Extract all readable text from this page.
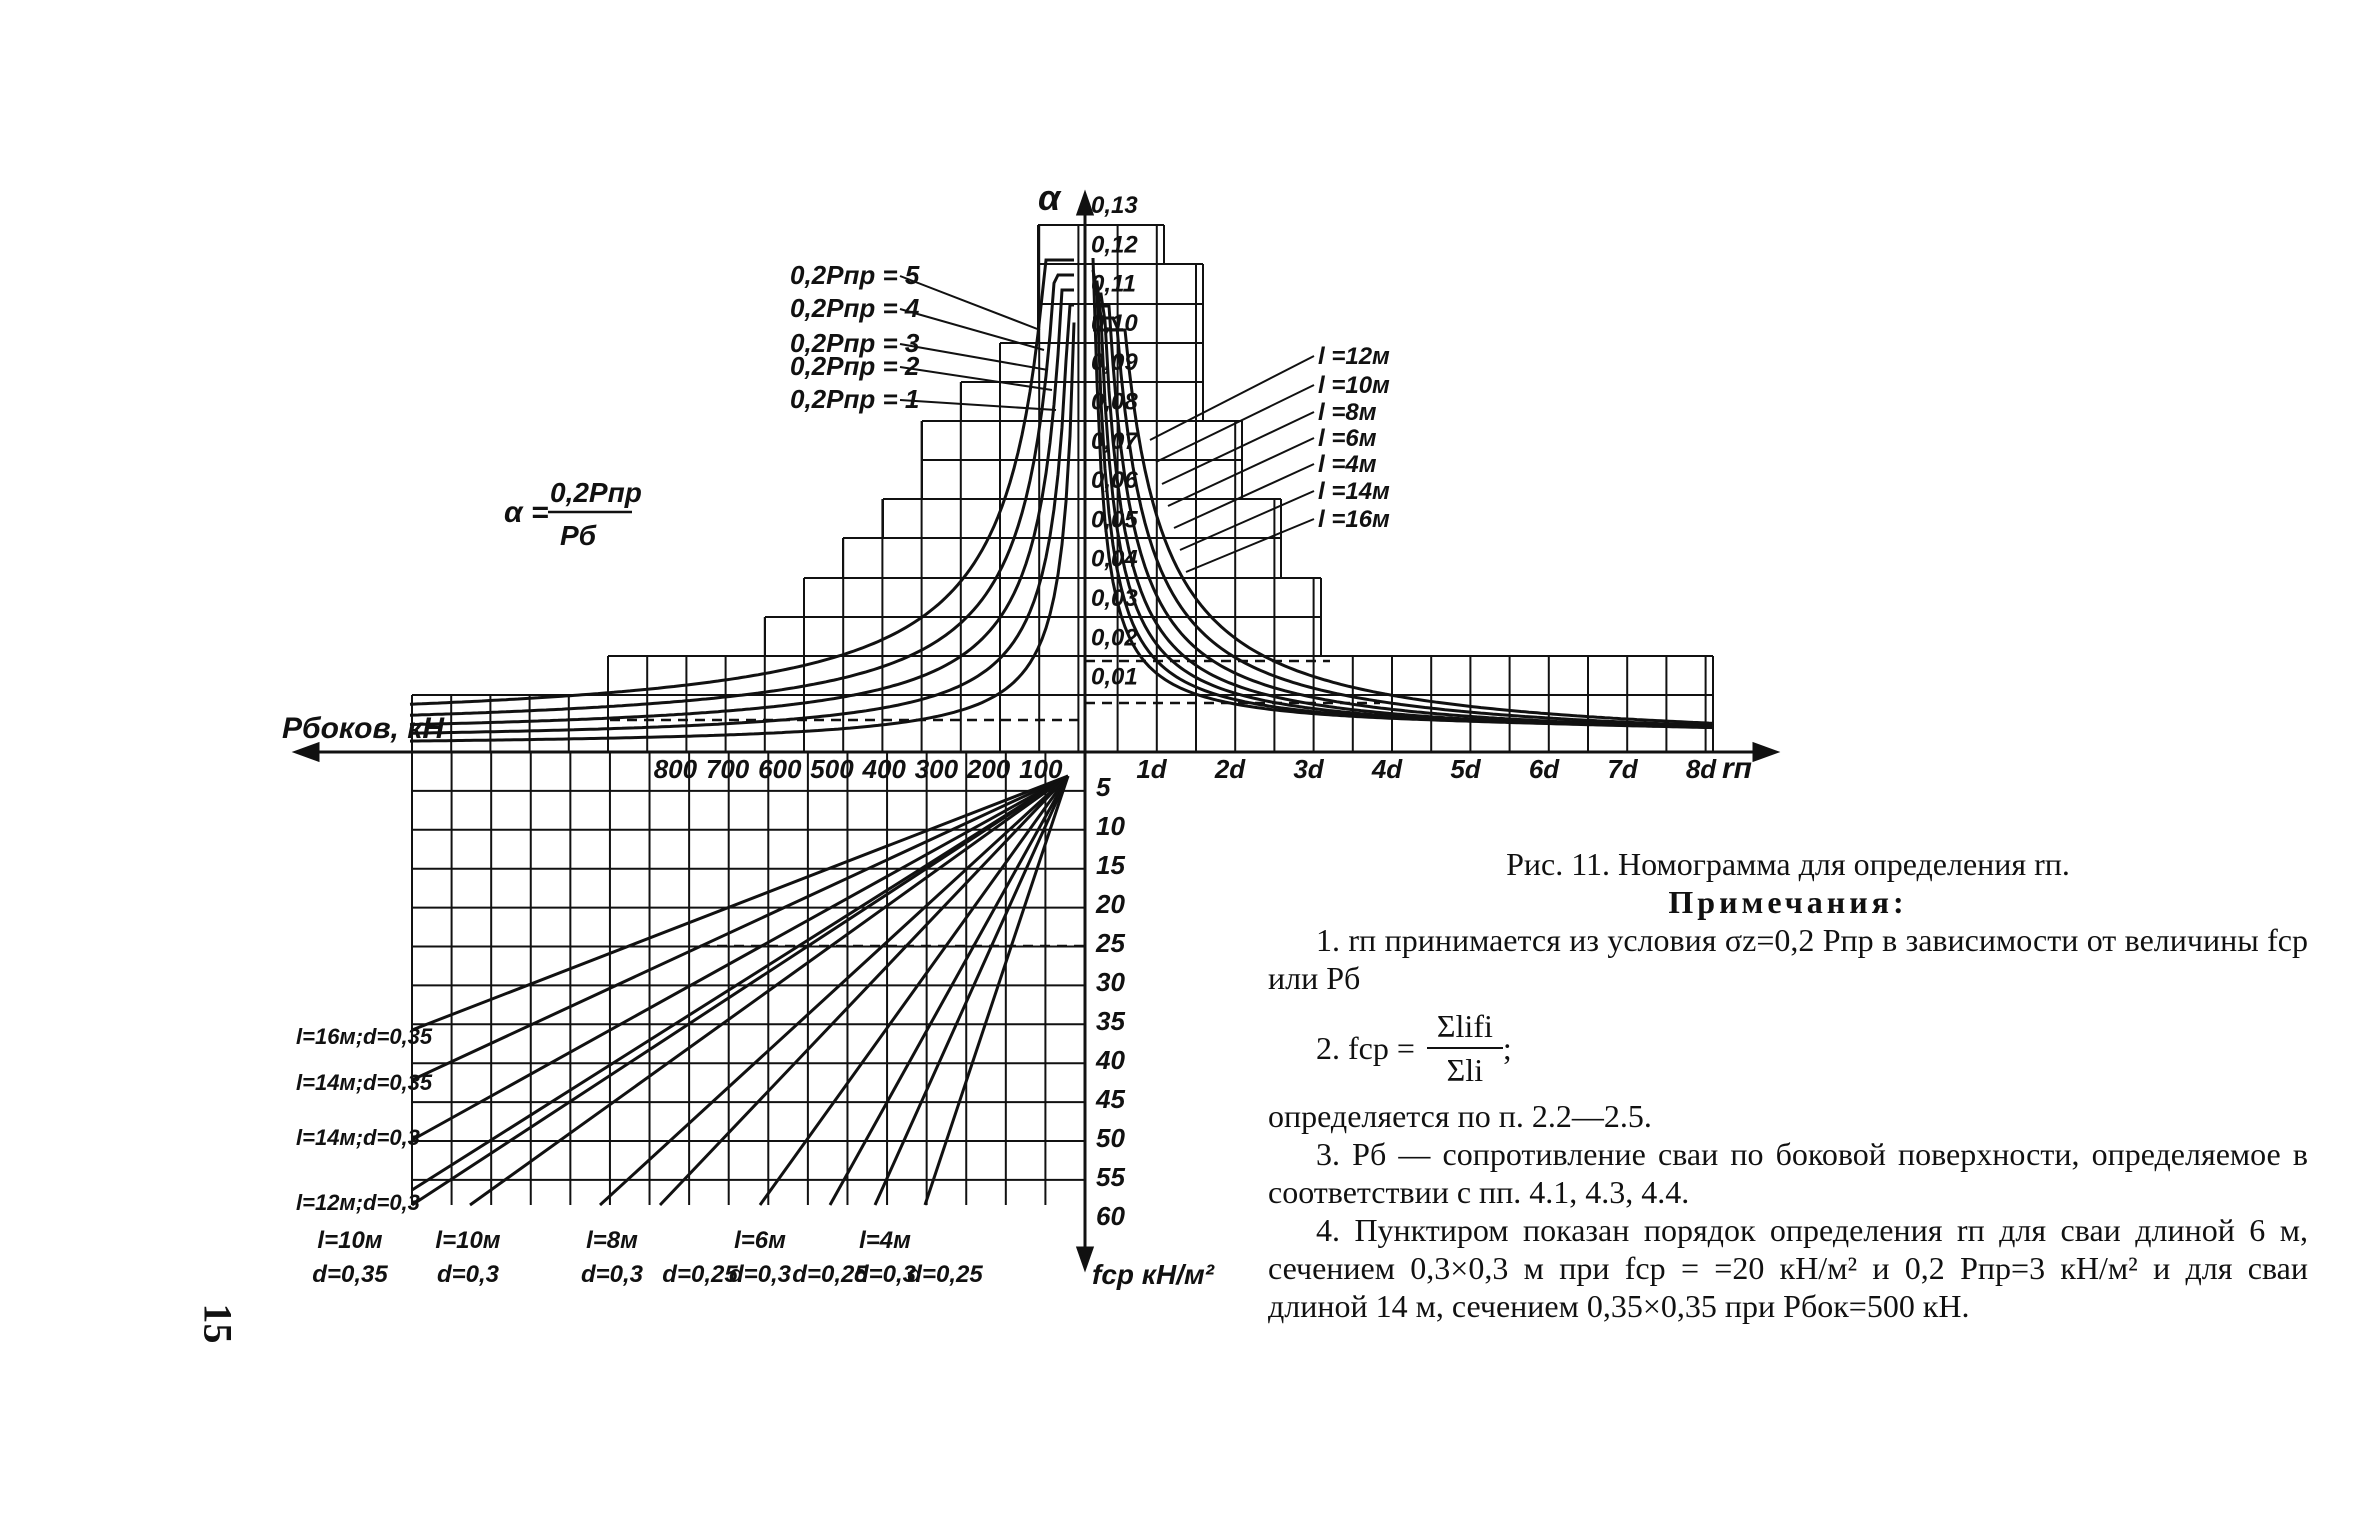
α 0,13
0,12
0,11
0,10
0,09
0,08
0,07
0,06
0,05
0,04
0,03
0,02
0,01
Pбоков, кН
rп
800 700 600 500 400 300 200 100	1d 2d 3d 4d 5d 6d 7d 8d
α =
0,2Pпр
Pб
0,2Pпр = 5
0,2Pпр = 4
0,2Pпр = 3
0,2Pпр = 2
0,2Pпр = 1
l =12м
l =10м
l =8м
l =6м
l =4м
l =14м
l =16м
5
10
15
20
25
30
35
40
45
50
55
60
fср кН/м²
l=16м;d=0,35
l=14м;d=0,35
l=14м;d=0,3
l=12м;d=0,3
l=10м
d=0,35
l=10м
d=0,3
l=8м
d=0,3 d=0,25
l=6м
d=0,3 d=0,25
l=4м
d=0,3
d=0,25

Рис. 11. Номограмма для определения rп.

Примечания:

1. rп принимается из условия σz=0,2 Pпр в зависимости от величины fср или Pб

2. fср = $\frac{\text{Σlifi}}{\text{Σli}}$ ;

определяется по п. 2.2—2.5.

3. Pб — сопротивление сваи по боковой поверхности, определяемое в соответствии с пп. 4.1, 4.3, 4.4.

4. Пунктиром показан порядок определения rп для сваи длиной 6 м, сечением 0,3×0,3 м при fср = =20 кН/м² и 0,2 Pпр=3 кН/м² и для сваи длиной 14 м, сечением 0,35×0,35 при Pбок=500 кН.

15
